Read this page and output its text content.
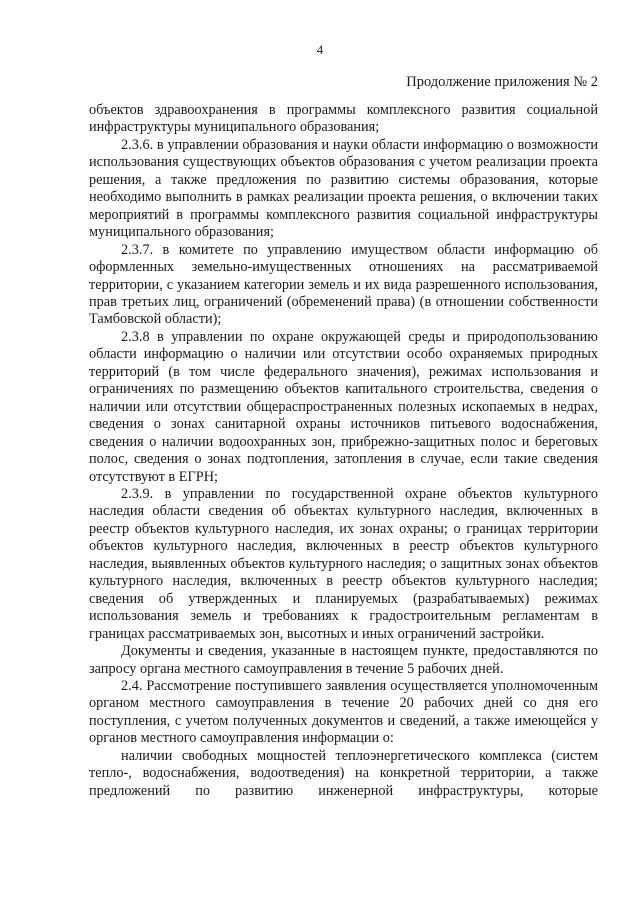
4
Продолжение приложения № 2

объектов здравоохранения в программы комплексного развития социальной инфраструктуры муниципального образования;

2.3.6. в управлении образования и науки области информацию о возможности использования существующих объектов образования с учетом реализации проекта решения, а также предложения по развитию системы образования, которые необходимо выполнить в рамках реализации проекта решения, о включении таких мероприятий в программы комплексного развития социальной инфраструктуры муниципального образования;

2.3.7. в комитете по управлению имуществом области информацию об оформленных земельно-имущественных отношениях на рассматриваемой территории, с указанием категории земель и их вида разрешенного использования, прав третьих лиц, ограничений (обременений права) (в отношении собственности Тамбовской области);

2.3.8 в управлении по охране окружающей среды и природопользованию области информацию о наличии или отсутствии особо охраняемых природных территорий (в том числе федерального значения), режимах использования и ограничениях по размещению объектов капитального строительства, сведения о наличии или отсутствии общераспространенных полезных ископаемых в недрах, сведения о зонах санитарной охраны источников питьевого водоснабжения, сведения о наличии водоохранных зон, прибрежно-защитных полос и береговых полос, сведения о зонах подтопления, затопления в случае, если такие сведения отсутствуют в ЕГРН;

2.3.9. в управлении по государственной охране объектов культурного наследия области сведения об объектах культурного наследия, включенных в реестр объектов культурного наследия, их зонах охраны; о границах территории объектов культурного наследия, включенных в реестр объектов культурного наследия, выявленных объектов культурного наследия; о защитных зонах объектов культурного наследия, включенных в реестр объектов культурного наследия; сведения об утвержденных и планируемых (разрабатываемых) режимах использования земель и требованиях к градостроительным регламентам в границах рассматриваемых зон, высотных и иных ограничений застройки.

Документы и сведения, указанные в настоящем пункте, предоставляются по запросу органа местного самоуправления в течение 5 рабочих дней.

2.4. Рассмотрение поступившего заявления осуществляется уполномоченным органом местного самоуправления в течение 20 рабочих дней со дня его поступления, с учетом полученных документов и сведений, а также имеющейся у органов местного самоуправления информации о:

наличии свободных мощностей теплоэнергетического комплекса (систем тепло-, водоснабжения, водоотведения) на конкретной территории, а также предложений по развитию инженерной инфраструктуры, которые
